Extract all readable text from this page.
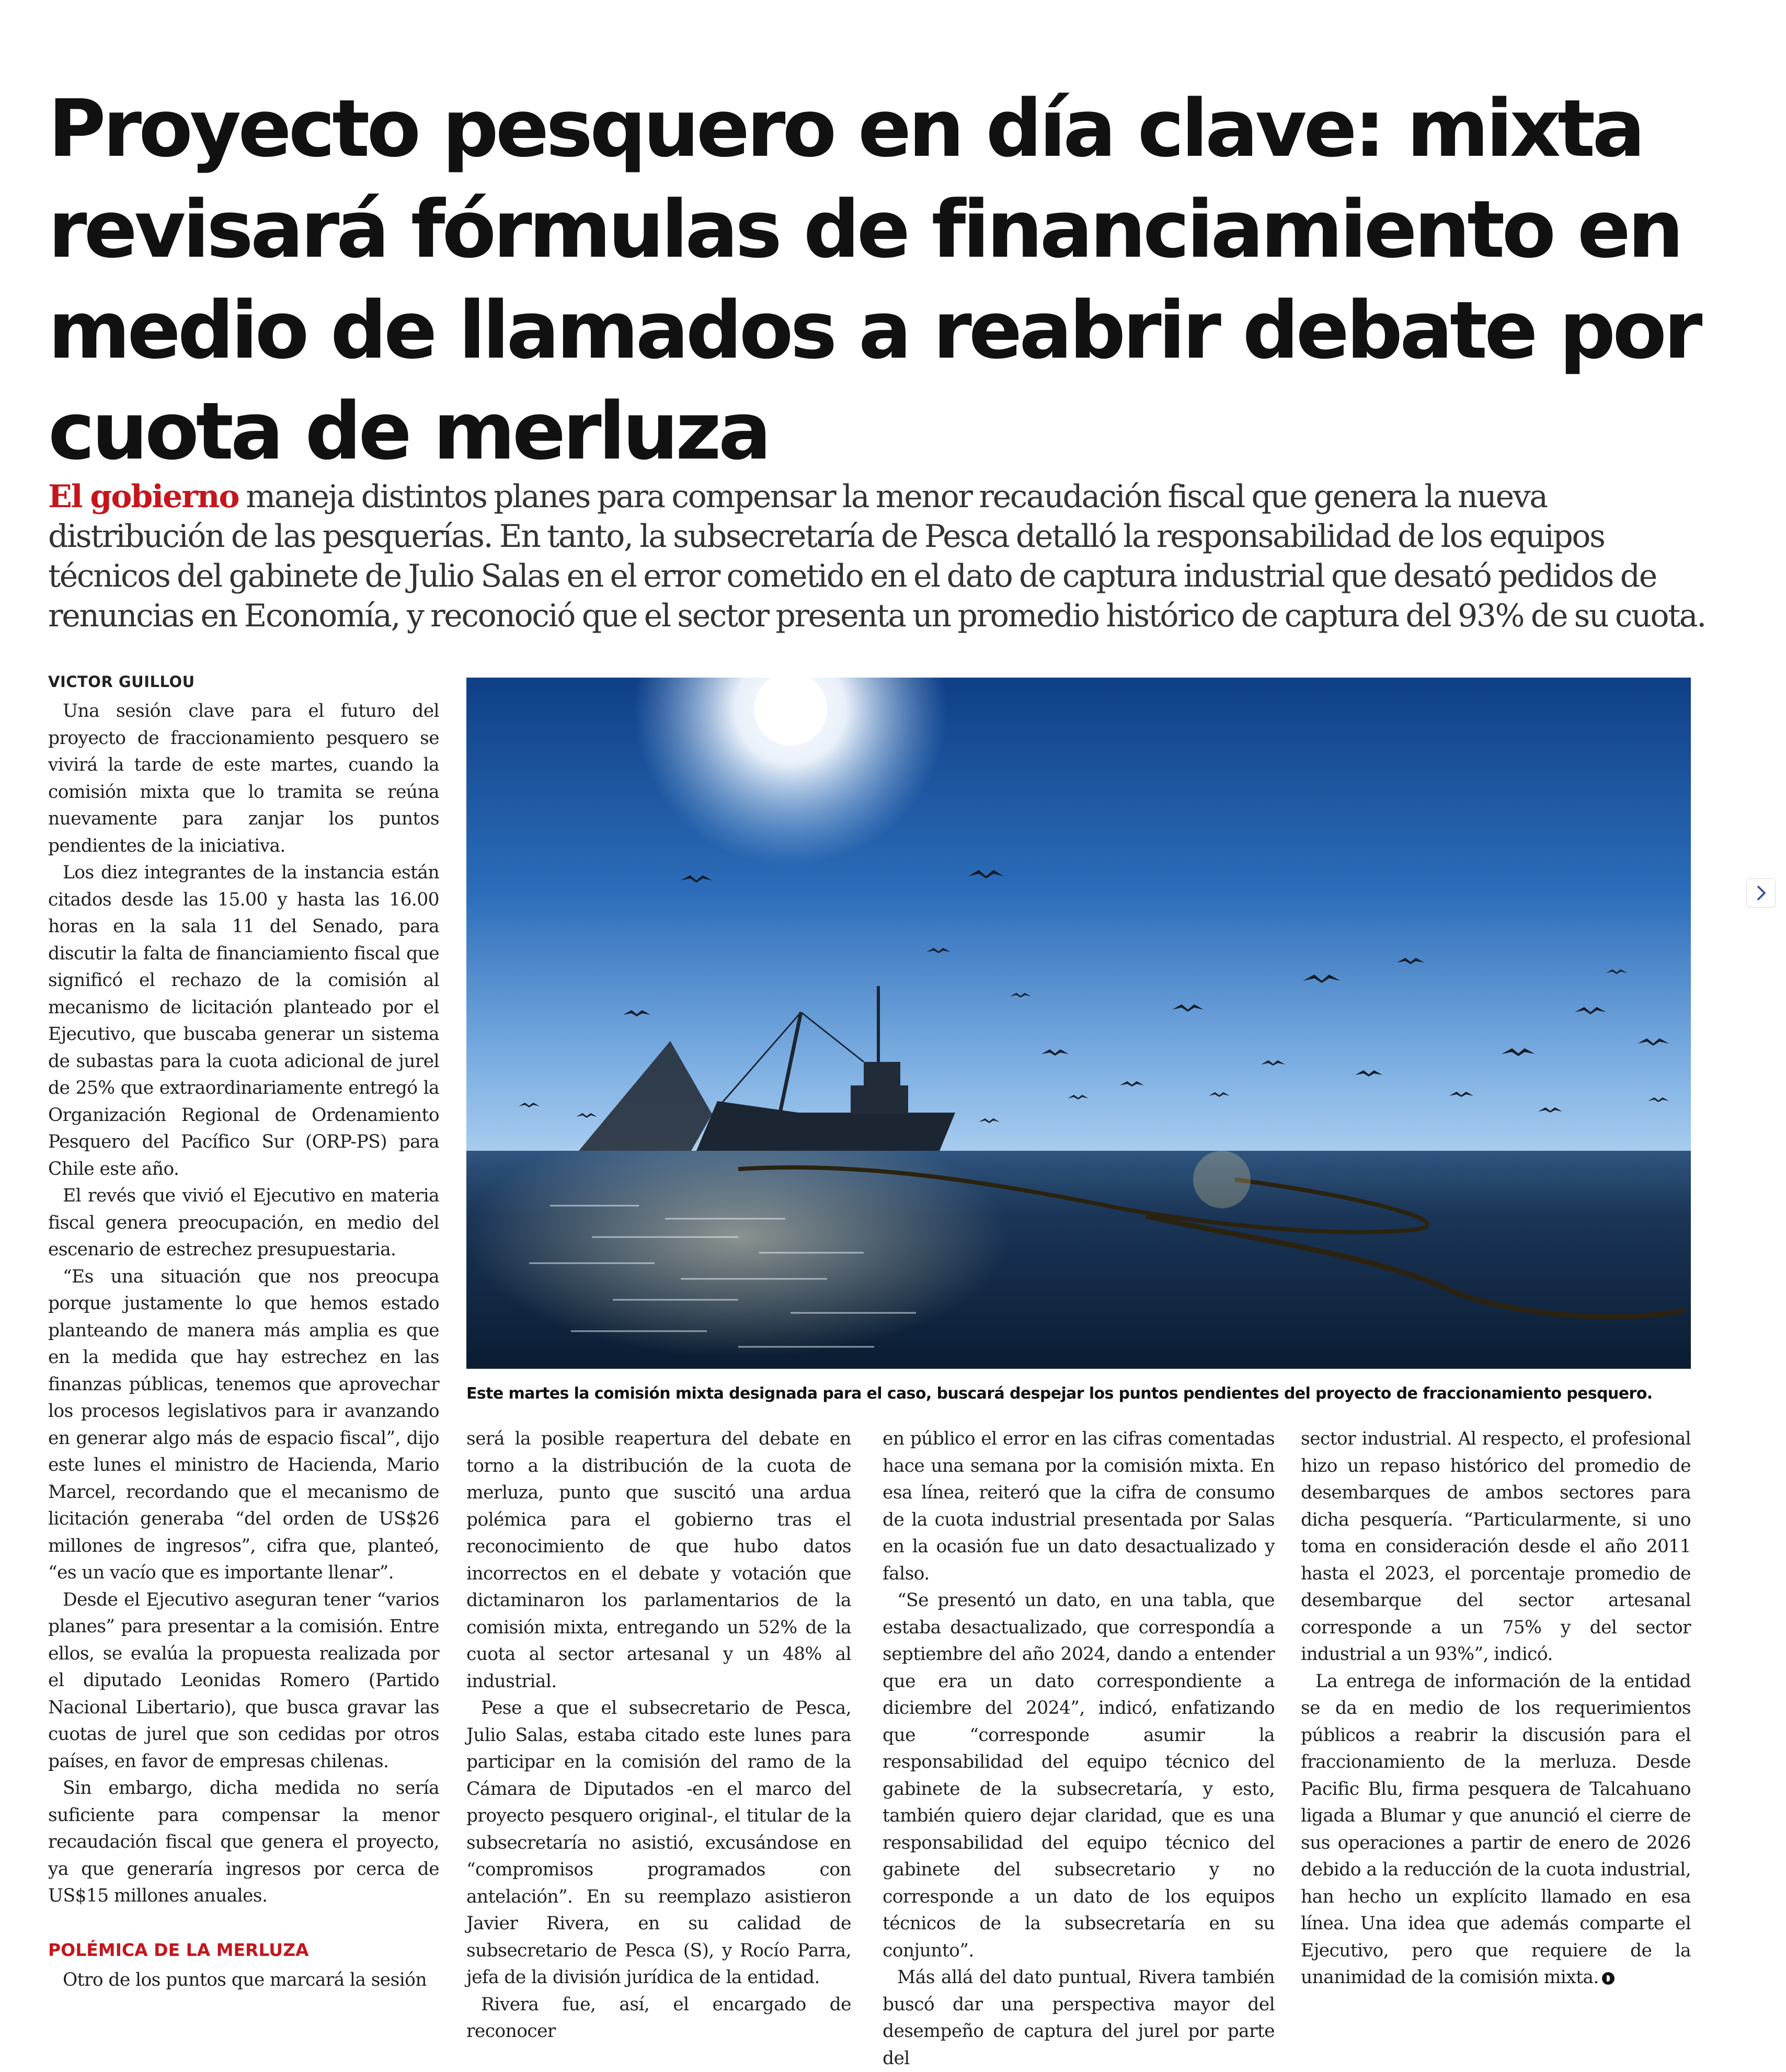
Proyecto pesquero en día clave: mixta revisará fórmulas de financiamiento en medio de llamados a reabrir debate por cuota de merluza

El gobierno maneja distintos planes para compensar la menor recaudación fiscal que genera la nueva distribución de las pesquerías. En tanto, la subsecretaría de Pesca detalló la responsabilidad de los equipos técnicos del gabinete de Julio Salas en el error cometido en el dato de captura industrial que desató pedidos de renuncias en Economía, y reconoció que el sector presenta un promedio histórico de captura del 93% de su cuota.

VICTOR GUILLOU

Una sesión clave para el futuro del proyecto de fraccionamiento pesquero se vivirá la tarde de este martes, cuando la comisión mixta que lo tramita se reúna nuevamente para zanjar los puntos pendientes de la iniciativa.

Los diez integrantes de la instancia están citados desde las 15.00 y hasta las 16.00 horas en la sala 11 del Senado, para discutir la falta de financiamiento fiscal que significó el rechazo de la comisión al mecanismo de licitación planteado por el Ejecutivo, que buscaba generar un sistema de subastas para la cuota adicional de jurel de 25% que extraordinariamente entregó la Organización Regional de Ordenamiento Pesquero del Pacífico Sur (ORP-PS) para Chile este año.

El revés que vivió el Ejecutivo en materia fiscal genera preocupación, en medio del escenario de estrechez presupuestaria.

“Es una situación que nos preocupa porque justamente lo que hemos estado planteando de manera más amplia es que en la medida que hay estrechez en las finanzas públicas, tenemos que aprovechar los procesos legislativos para ir avanzando en generar algo más de espacio fiscal”, dijo este lunes el ministro de Hacienda, Mario Marcel, recordando que el mecanismo de licitación generaba “del orden de US$26 millones de ingresos”, cifra que, planteó, “es un vacío que es importante llenar”.

Desde el Ejecutivo aseguran tener “varios planes” para presentar a la comisión. Entre ellos, se evalúa la propuesta realizada por el diputado Leonidas Romero (Partido Nacional Libertario), que busca gravar las cuotas de jurel que son cedidas por otros países, en favor de empresas chilenas.

Sin embargo, dicha medida no sería suficiente para compensar la menor recaudación fiscal que genera el proyecto, ya que generaría ingresos por cerca de US$15 millones anuales.

POLÉMICA DE LA MERLUZA

Otro de los puntos que marcará la sesión

Este martes la comisión mixta designada para el caso, buscará despejar los puntos pendientes del proyecto de fraccionamiento pesquero.

será la posible reapertura del debate en torno a la distribución de la cuota de merluza, punto que suscitó una ardua polémica para el gobierno tras el reconocimiento de que hubo datos incorrectos en el debate y votación que dictaminaron los parlamentarios de la comisión mixta, entregando un 52% de la cuota al sector artesanal y un 48% al industrial.

Pese a que el subsecretario de Pesca, Julio Salas, estaba citado este lunes para participar en la comisión del ramo de la Cámara de Diputados -en el marco del proyecto pesquero original-, el titular de la subsecretaría no asistió, excusándose en “compromisos programados con antelación”. En su reemplazo asistieron Javier Rivera, en su calidad de subsecretario de Pesca (S), y Rocío Parra, jefa de la división jurídica de la entidad.

Rivera fue, así, el encargado de reconocer

en público el error en las cifras comentadas hace una semana por la comisión mixta. En esa línea, reiteró que la cifra de consumo de la cuota industrial presentada por Salas en la ocasión fue un dato desactualizado y falso.

“Se presentó un dato, en una tabla, que estaba desactualizado, que correspondía a septiembre del año 2024, dando a entender que era un dato correspondiente a diciembre del 2024”, indicó, enfatizando que “corresponde asumir la responsabilidad del equipo técnico del gabinete de la subsecretaría, y esto, también quiero dejar claridad, que es una responsabilidad del equipo técnico del gabinete del subsecretario y no corresponde a un dato de los equipos técnicos de la subsecretaría en su conjunto”.

Más allá del dato puntual, Rivera también buscó dar una perspectiva mayor del desempeño de captura del jurel por parte del

sector industrial. Al respecto, el profesional hizo un repaso histórico del promedio de desembarques de ambos sectores para dicha pesquería. “Particularmente, si uno toma en consideración desde el año 2011 hasta el 2023, el porcentaje promedio de desembarque del sector artesanal corresponde a un 75% y del sector industrial a un 93%”, indicó.

La entrega de información de la entidad se da en medio de los requerimientos públicos a reabrir la discusión para el fraccionamiento de la merluza. Desde Pacific Blu, firma pesquera de Talcahuano ligada a Blumar y que anunció el cierre de sus operaciones a partir de enero de 2026 debido a la reducción de la cuota industrial, han hecho un explícito llamado en esa línea. Una idea que además comparte el Ejecutivo, pero que requiere de la unanimidad de la comisión mixta.
